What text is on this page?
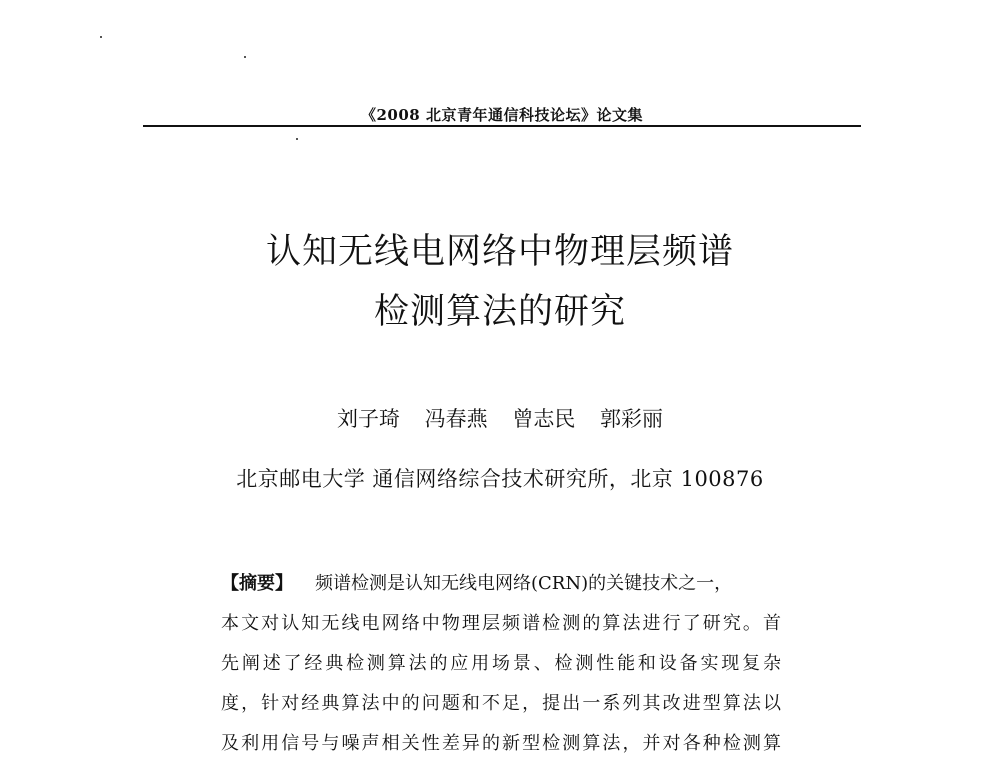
《2008 北京青年通信科技论坛》论文集
认知无线电网络中物理层频谱
检测算法的研究
刘子琦 冯春燕 曾志民 郭彩丽
北京邮电大学 通信网络综合技术研究所，北京 100876
【摘要】 频谱检测是认知无线电网络(CRN)的关键技术之一，
本文对认知无线电网络中物理层频谱检测的算法进行了研究。首
先阐述了经典检测算法的应用场景、检测性能和设备实现复杂
度，针对经典算法中的问题和不足，提出一系列其改进型算法以
及利用信号与噪声相关性差异的新型检测算法，并对各种检测算
